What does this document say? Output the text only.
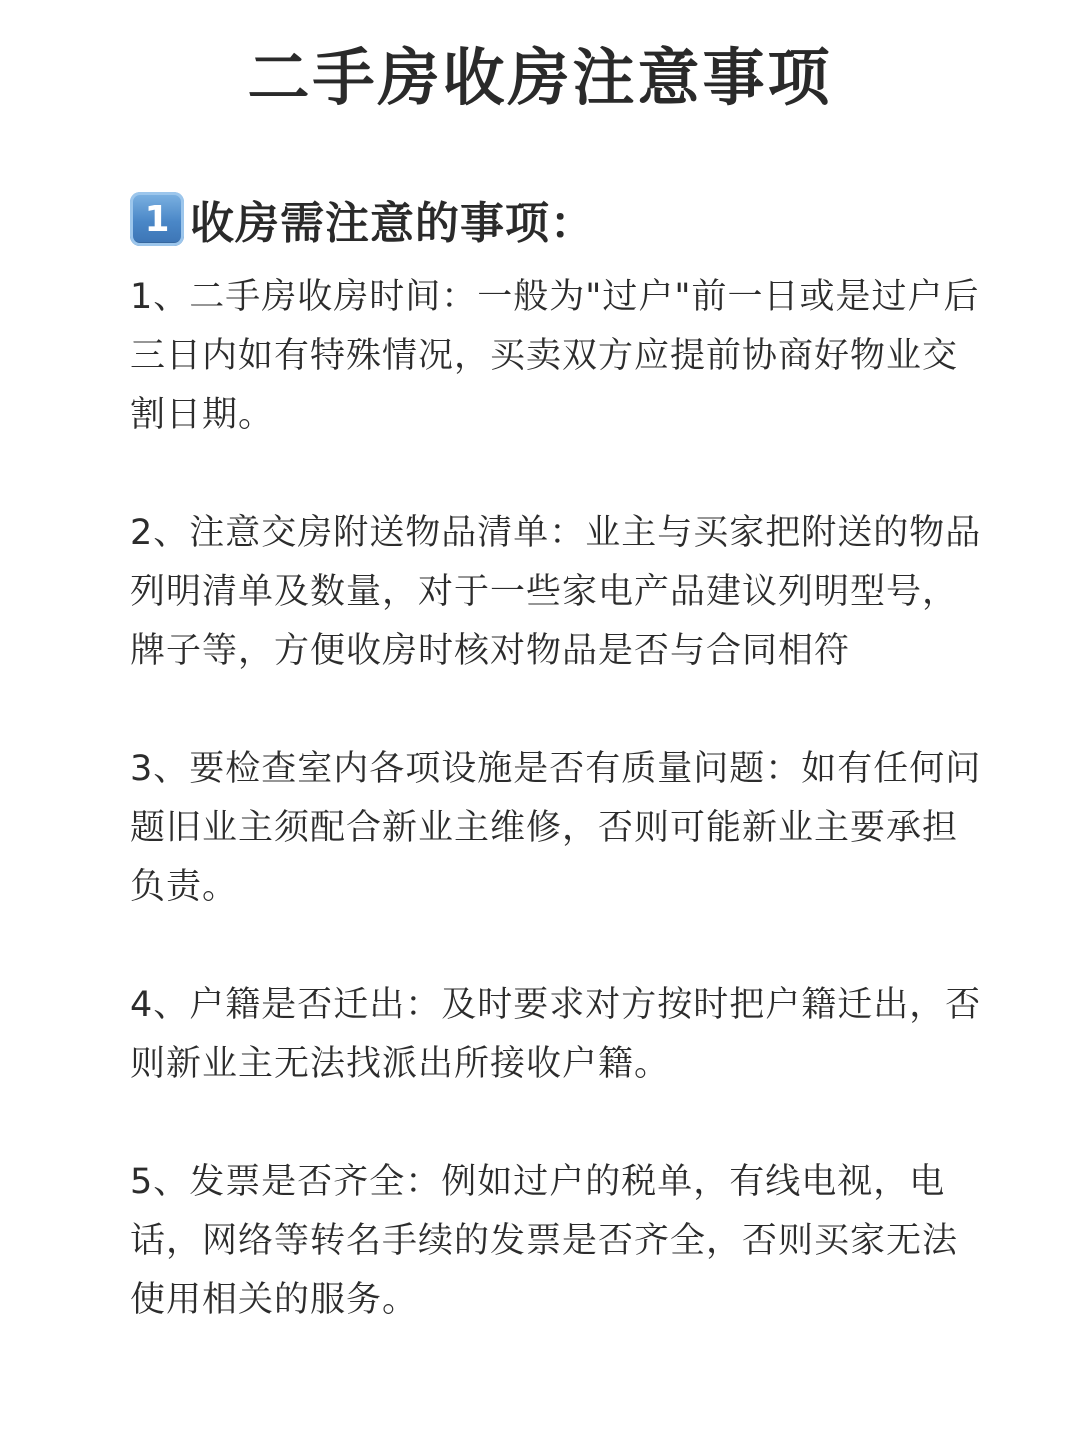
二手房收房注意事项
1 收房需注意的事项：

1、二手房收房时间：一般为"过户"前一日或是过户后三日内如有特殊情况，买卖双方应提前协商好物业交割日期。

2、注意交房附送物品清单：业主与买家把附送的物品列明清单及数量，对于一些家电产品建议列明型号，牌子等，方便收房时核对物品是否与合同相符

3、要检查室内各项设施是否有质量问题：如有任何问题旧业主须配合新业主维修，否则可能新业主要承担负责。

4、户籍是否迁出：及时要求对方按时把户籍迁出，否则新业主无法找派出所接收户籍。

5、发票是否齐全：例如过户的税单，有线电视，电话，网络等转名手续的发票是否齐全，否则买家无法使用相关的服务。
